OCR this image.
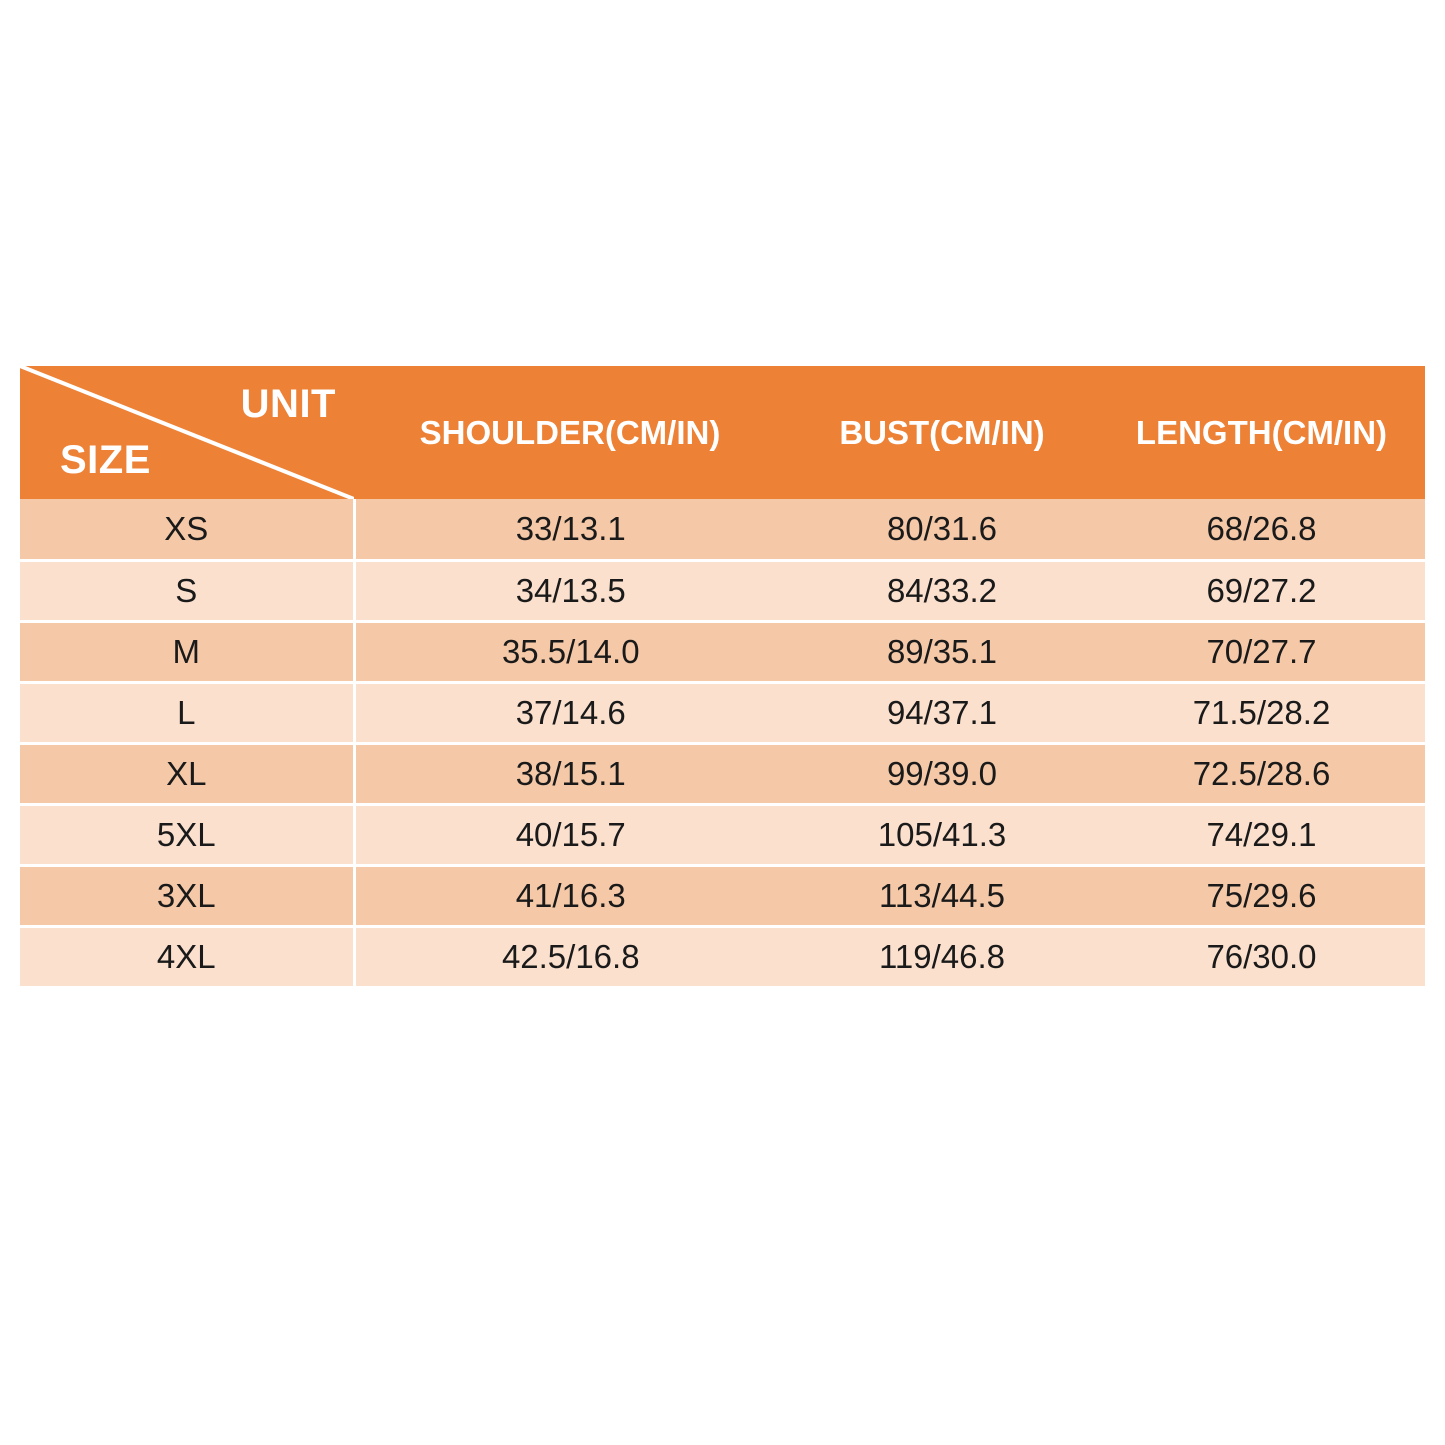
UNIT
SIZE	SHOULDER(CM/IN)	BUST(CM/IN)	LENGTH(CM/IN)
XS	33/13.1	80/31.6	68/26.8
S	34/13.5	84/33.2	69/27.2
M	35.5/14.0	89/35.1	70/27.7
L	37/14.6	94/37.1	71.5/28.2
XL	38/15.1	99/39.0	72.5/28.6
5XL	40/15.7	105/41.3	74/29.1
3XL	41/16.3	113/44.5	75/29.6
4XL	42.5/16.8	119/46.8	76/30.0
